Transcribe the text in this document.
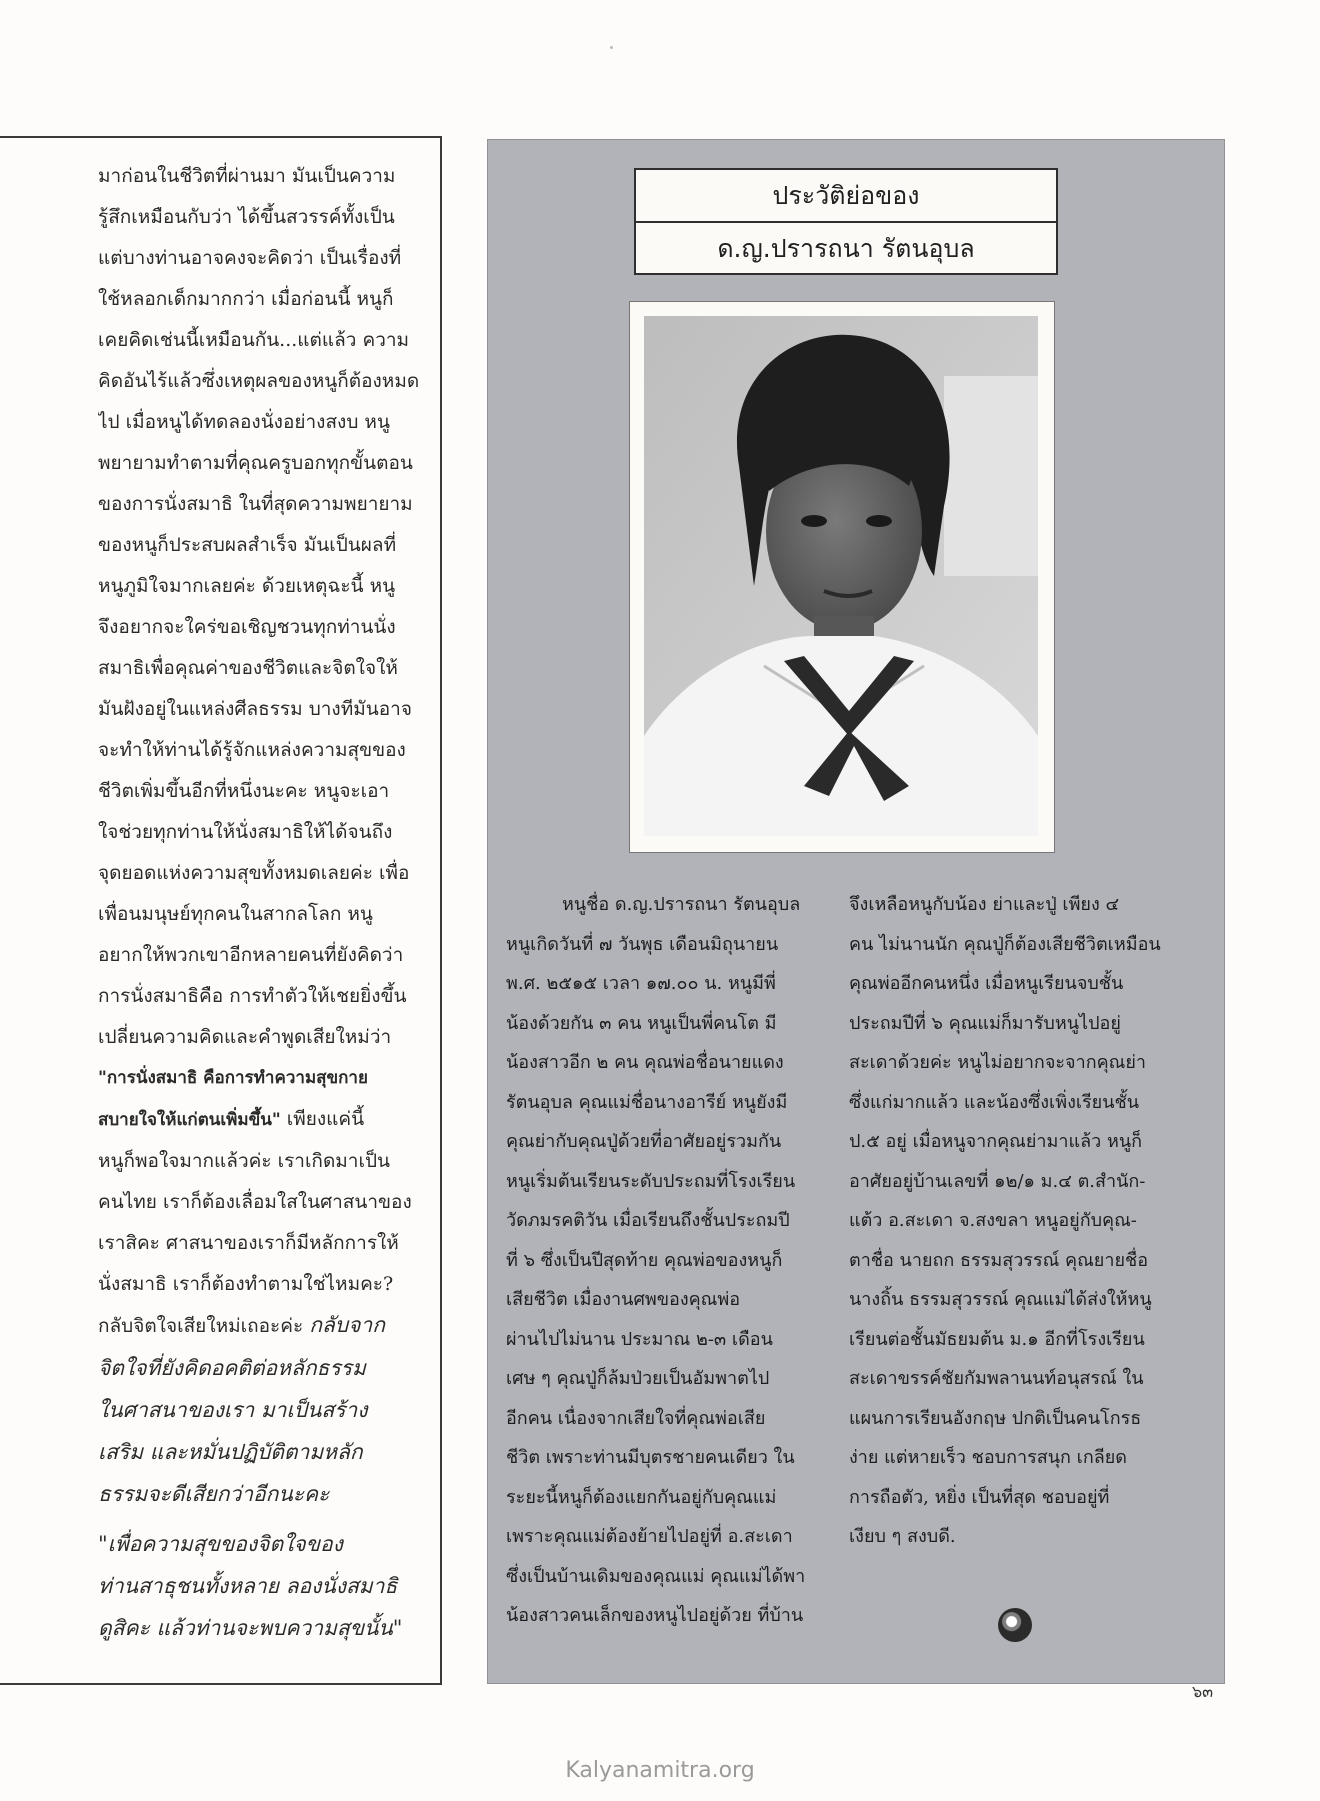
มาก่อนในชีวิตที่ผ่านมา มันเป็นความ
รู้สึกเหมือนกับว่า ได้ขึ้นสวรรค์ทั้งเป็น
แต่บางท่านอาจคงจะคิดว่า เป็นเรื่องที่
ใช้หลอกเด็กมากกว่า เมื่อก่อนนี้ หนูก็
เคยคิดเช่นนี้เหมือนกัน...แต่แล้ว ความ
คิดอันไร้แล้วซึ่งเหตุผลของหนูก็ต้องหมด
ไป เมื่อหนูได้ทดลองนั่งอย่างสงบ หนู
พยายามทำตามที่คุณครูบอกทุกขั้นตอน
ของการนั่งสมาธิ ในที่สุดความพยายาม
ของหนูก็ประสบผลสำเร็จ มันเป็นผลที่
หนูภูมิใจมากเลยค่ะ ด้วยเหตุฉะนี้ หนู
จึงอยากจะใคร่ขอเชิญชวนทุกท่านนั่ง
สมาธิเพื่อคุณค่าของชีวิตและจิตใจให้
มันฝังอยู่ในแหล่งศีลธรรม บางทีมันอาจ
จะทำให้ท่านได้รู้จักแหล่งความสุขของ
ชีวิตเพิ่มขึ้นอีกที่หนึ่งนะคะ หนูจะเอา
ใจช่วยทุกท่านให้นั่งสมาธิให้ได้จนถึง
จุดยอดแห่งความสุขทั้งหมดเลยค่ะ เพื่อ
เพื่อนมนุษย์ทุกคนในสากลโลก หนู
อยากให้พวกเขาอีกหลายคนที่ยังคิดว่า
การนั่งสมาธิคือ การทำตัวให้เชยยิ่งขึ้น
เปลี่ยนความคิดและคำพูดเสียใหม่ว่า
"การนั่งสมาธิ คือการทำความสุขกาย
สบายใจให้แก่ตนเพิ่มขึ้น" เพียงแค่นี้
หนูก็พอใจมากแล้วค่ะ เราเกิดมาเป็น
คนไทย เราก็ต้องเลื่อมใสในศาสนาของ
เราสิคะ ศาสนาของเราก็มีหลักการให้
นั่งสมาธิ เราก็ต้องทำตามใช่ไหมคะ?
กลับจิตใจเสียใหม่เถอะค่ะ กลับจาก
จิตใจที่ยังคิดอคติต่อหลักธรรม
ในศาสนาของเรา มาเป็นสร้าง
เสริม และหมั่นปฏิบัติตามหลัก
ธรรมจะดีเสียกว่าอีกนะคะ
"เพื่อความสุขของจิตใจของ
ท่านสาธุชนทั้งหลาย ลองนั่งสมาธิ
ดูสิคะ แล้วท่านจะพบความสุขนั้น"
ประวัติย่อของ
ด.ญ.ปรารถนา รัตนอุบล
หนูชื่อ ด.ญ.ปรารถนา รัตนอุบล
หนูเกิดวันที่ ๗ วันพุธ เดือนมิถุนายน
พ.ศ. ๒๕๑๕ เวลา ๑๗.๐๐ น. หนูมีพี่
น้องด้วยกัน ๓ คน หนูเป็นพี่คนโต มี
น้องสาวอีก ๒ คน คุณพ่อชื่อนายแดง
รัตนอุบล คุณแม่ชื่อนางอารีย์ หนูยังมี
คุณย่ากับคุณปู่ด้วยที่อาศัยอยู่รวมกัน
หนูเริ่มต้นเรียนระดับประถมที่โรงเรียน
วัดภมรคติวัน เมื่อเรียนถึงชั้นประถมปี
ที่ ๖ ซึ่งเป็นปีสุดท้าย คุณพ่อของหนูก็
เสียชีวิต เมื่องานศพของคุณพ่อ
ผ่านไปไม่นาน ประมาณ ๒-๓ เดือน
เศษ ๆ คุณปู่ก็ล้มป่วยเป็นอัมพาตไป
อีกคน เนื่องจากเสียใจที่คุณพ่อเสีย
ชีวิต เพราะท่านมีบุตรชายคนเดียว ใน
ระยะนี้หนูก็ต้องแยกกันอยู่กับคุณแม่
เพราะคุณแม่ต้องย้ายไปอยู่ที่ อ.สะเดา
ซึ่งเป็นบ้านเดิมของคุณแม่ คุณแม่ได้พา
น้องสาวคนเล็กของหนูไปอยู่ด้วย ที่บ้าน
จึงเหลือหนูกับน้อง ย่าและปู่ เพียง ๔
คน ไม่นานนัก คุณปู่ก็ต้องเสียชีวิตเหมือน
คุณพ่ออีกคนหนึ่ง เมื่อหนูเรียนจบชั้น
ประถมปีที่ ๖ คุณแม่ก็มารับหนูไปอยู่
สะเดาด้วยค่ะ หนูไม่อยากจะจากคุณย่า
ซึ่งแก่มากแล้ว และน้องซึ่งเพิ่งเรียนชั้น
ป.๕ อยู่ เมื่อหนูจากคุณย่ามาแล้ว หนูก็
อาศัยอยู่บ้านเลขที่ ๑๒/๑ ม.๔ ต.สำนัก-
แต้ว อ.สะเดา จ.สงขลา หนูอยู่กับคุณ-
ตาชื่อ นายถก ธรรมสุวรรณ์ คุณยายชื่อ
นางถิ้น ธรรมสุวรรณ์ คุณแม่ได้ส่งให้หนู
เรียนต่อชั้นมัธยมต้น ม.๑ อีกที่โรงเรียน
สะเดาขรรค์ชัยกัมพลานนท์อนุสรณ์ ใน
แผนการเรียนอังกฤษ ปกติเป็นคนโกรธ
ง่าย แต่หายเร็ว ชอบการสนุก เกลียด
การถือตัว, หยิ่ง เป็นที่สุด ชอบอยู่ที่
เงียบ ๆ สงบดี.
๖๓
Kalyanamitra.org
